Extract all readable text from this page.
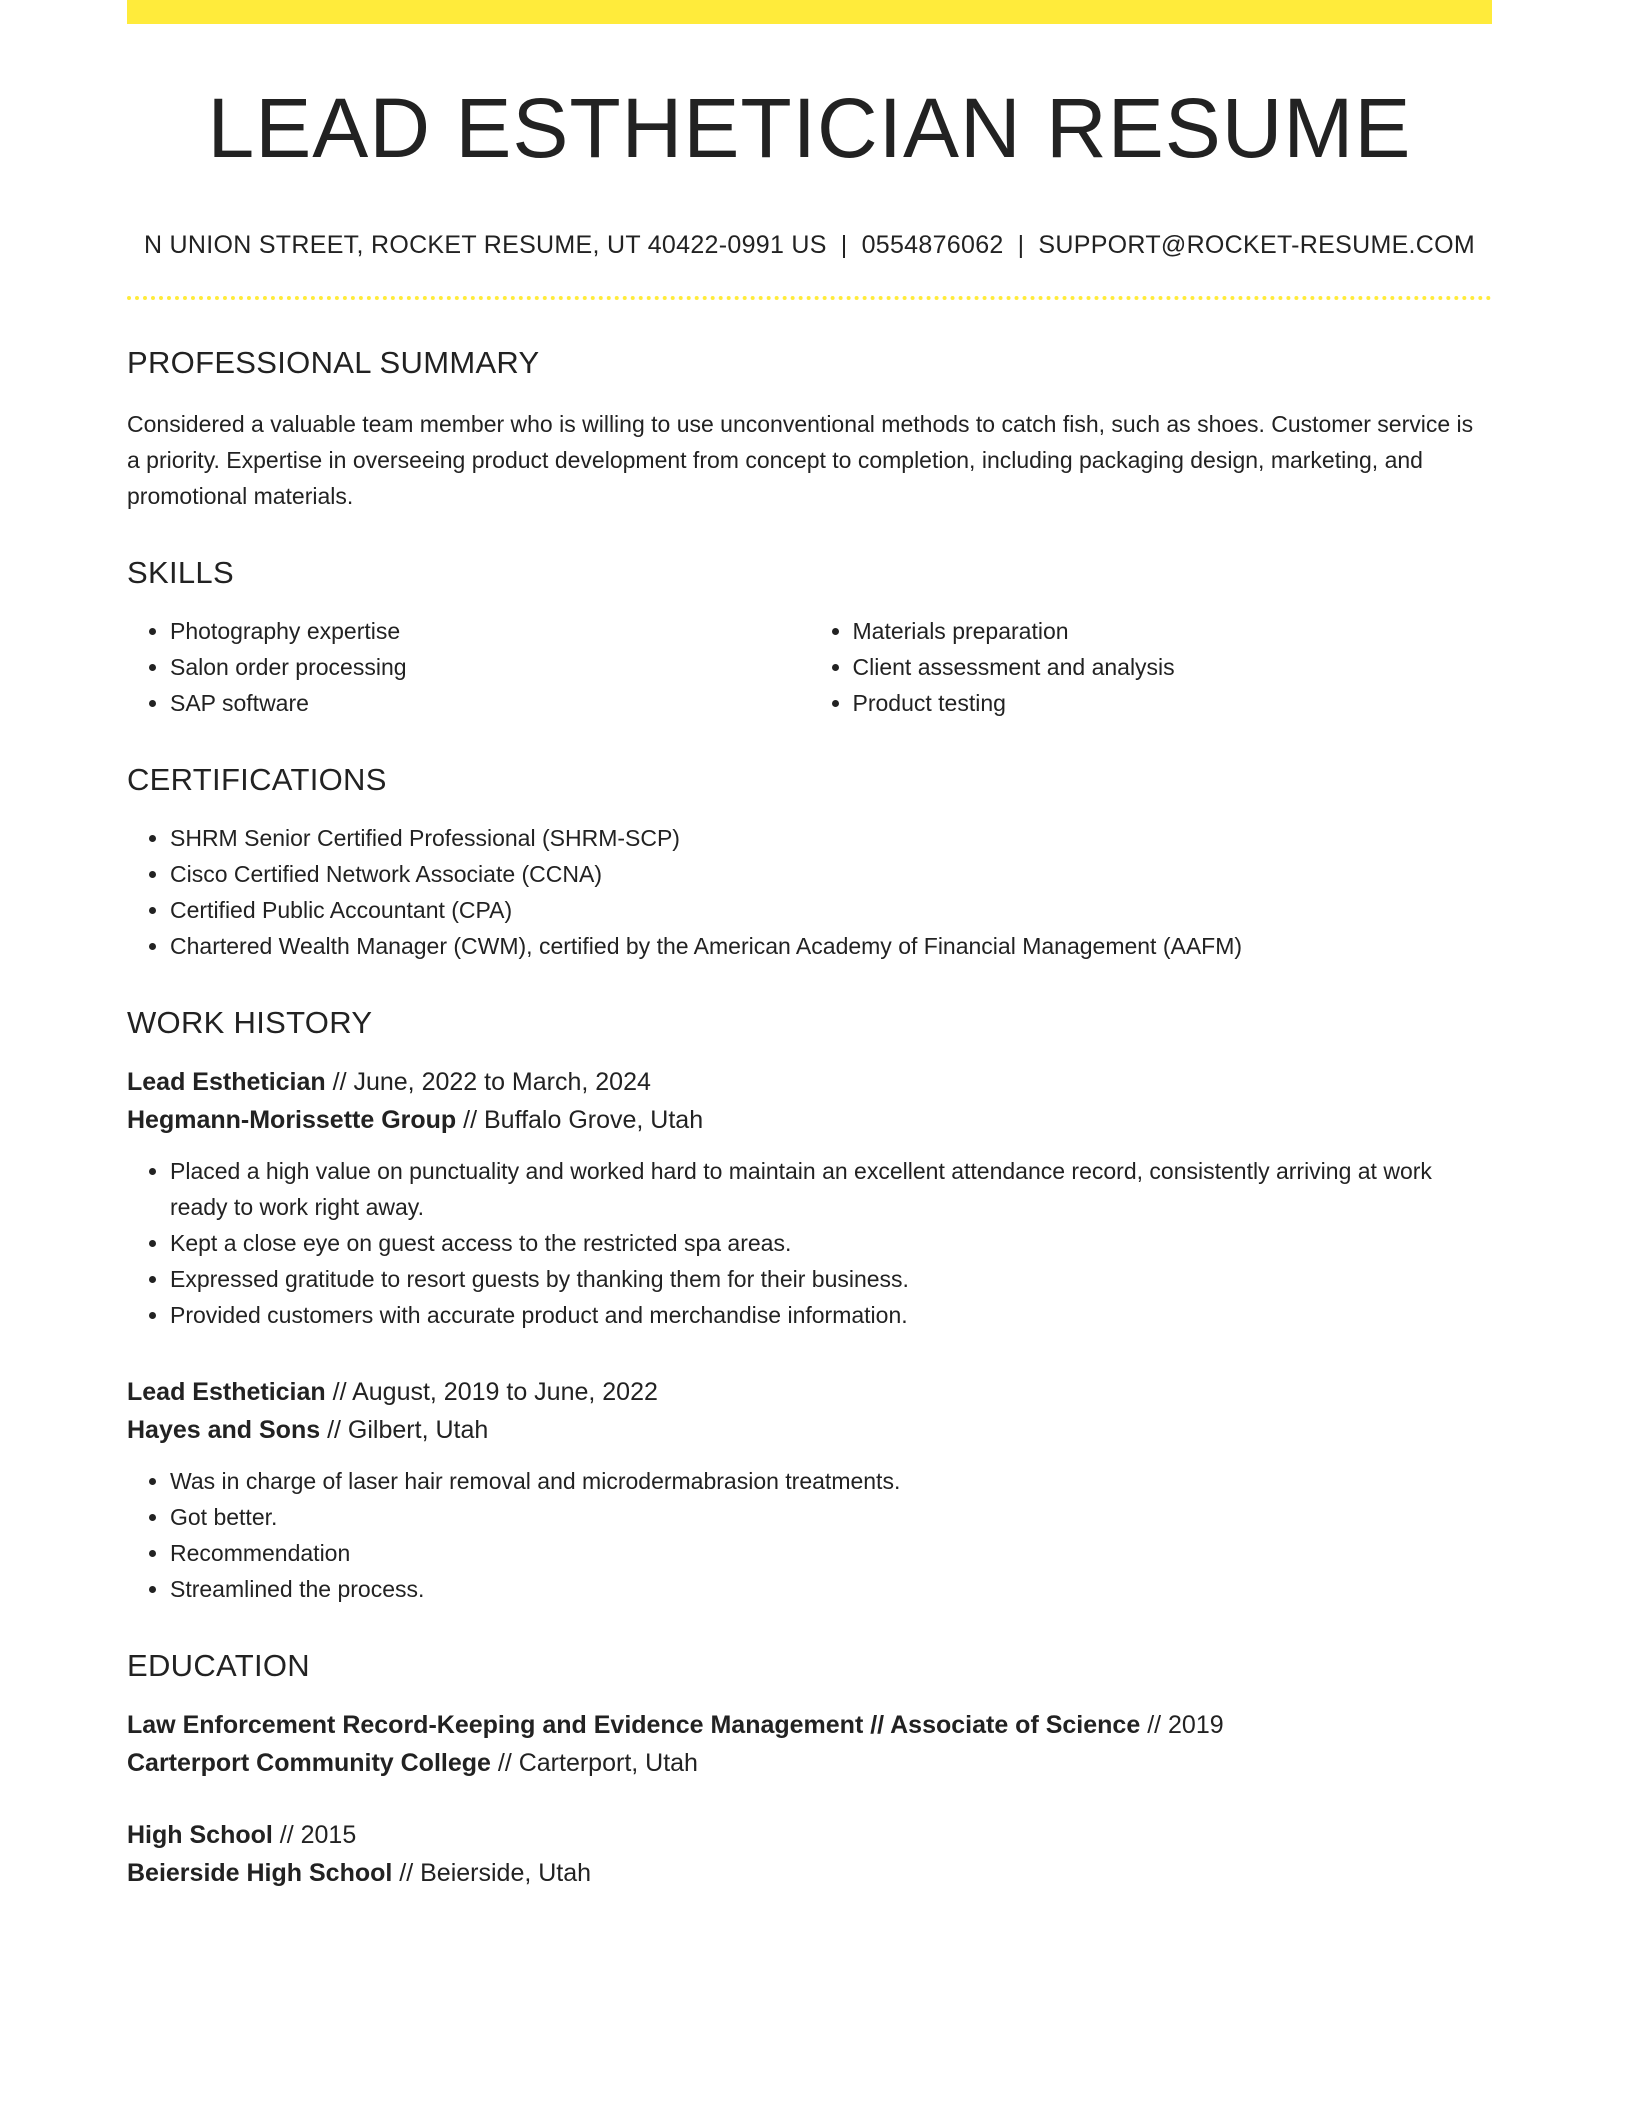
LEAD ESTHETICIAN RESUME
N UNION STREET, ROCKET RESUME, UT 40422-0991 US | 0554876062 | SUPPORT@ROCKET-RESUME.COM
PROFESSIONAL SUMMARY

Considered a valuable team member who is willing to use unconventional methods to catch fish, such as shoes. Customer service is a priority. Expertise in overseeing product development from concept to completion, including packaging design, marketing, and promotional materials.

SKILLS
• Photography expertise
• Salon order processing
• SAP software
• Materials preparation
• Client assessment and analysis
• Product testing
CERTIFICATIONS
• SHRM Senior Certified Professional (SHRM-SCP)
• Cisco Certified Network Associate (CCNA)
• Certified Public Accountant (CPA)
• Chartered Wealth Manager (CWM), certified by the American Academy of Financial Management (AAFM)
WORK HISTORY
Lead Esthetician // June, 2022 to March, 2024
Hegmann-Morissette Group // Buffalo Grove, Utah
• Placed a high value on punctuality and worked hard to maintain an excellent attendance record, consistently arriving at work ready to work right away.
• Kept a close eye on guest access to the restricted spa areas.
• Expressed gratitude to resort guests by thanking them for their business.
• Provided customers with accurate product and merchandise information.
Lead Esthetician // August, 2019 to June, 2022
Hayes and Sons // Gilbert, Utah
• Was in charge of laser hair removal and microdermabrasion treatments.
• Got better.
• Recommendation
• Streamlined the process.
EDUCATION
Law Enforcement Record-Keeping and Evidence Management // Associate of Science // 2019
Carterport Community College // Carterport, Utah
High School // 2015
Beierside High School // Beierside, Utah
